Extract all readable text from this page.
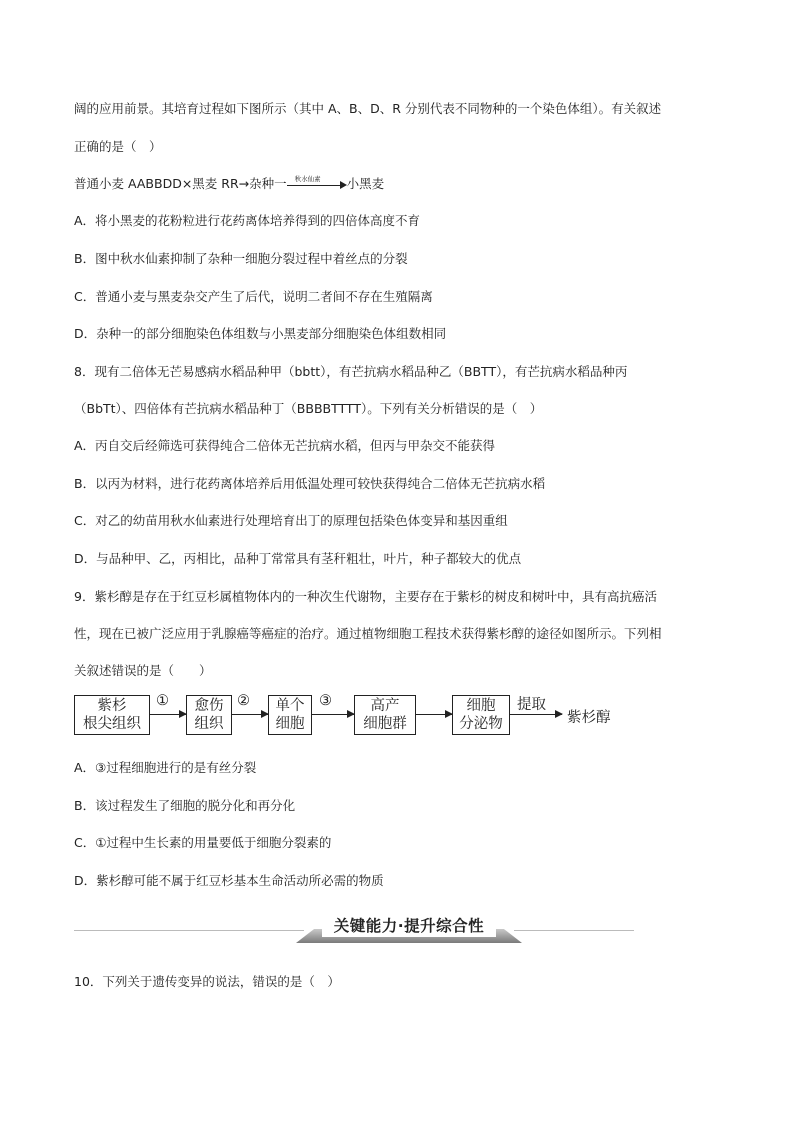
阔的应用前景。其培育过程如下图所示（其中 A、B、D、R 分别代表不同物种的一个染色体组）。有关叙述
正确的是（　）
普通小麦 AABBDD×黑麦 RR→杂种一 秋水仙素 小黑麦
A．将小黑麦的花粉粒进行花药离体培养得到的四倍体高度不育
B．图中秋水仙素抑制了杂种一细胞分裂过程中着丝点的分裂
C．普通小麦与黑麦杂交产生了后代，说明二者间不存在生殖隔离
D．杂种一的部分细胞染色体组数与小黑麦部分细胞染色体组数相同
8．现有二倍体无芒易感病水稻品种甲（bbtt），有芒抗病水稻品种乙（BBTT），有芒抗病水稻品种丙
（BbTt）、四倍体有芒抗病水稻品种丁（BBBBTTTT）。下列有关分析错误的是（　）
A．丙自交后经筛选可获得纯合二倍体无芒抗病水稻，但丙与甲杂交不能获得
B．以丙为材料，进行花药离体培养后用低温处理可较快获得纯合二倍体无芒抗病水稻
C．对乙的幼苗用秋水仙素进行处理培育出丁的原理包括染色体变异和基因重组
D．与品种甲、乙，丙相比，品种丁常常具有茎秆粗壮，叶片，种子都较大的优点
9．紫杉醇是存在于红豆杉属植物体内的一种次生代谢物，主要存在于紫杉的树皮和树叶中，具有高抗癌活
性，现在已被广泛应用于乳腺癌等癌症的治疗。通过植物细胞工程技术获得紫杉醇的途径如图所示。下列相
关叙述错误的是（　　）
紫杉
根尖组织
① 愈伤
组织
② 单个
细胞
③	高产
细胞群
细胞
分泌物
提取
紫杉醇
A．③过程细胞进行的是有丝分裂
B．该过程发生了细胞的脱分化和再分化
C．①过程中生长素的用量要低于细胞分裂素的
D．紫杉醇可能不属于红豆杉基本生命活动所必需的物质
关键能力·提升综合性
10．下列关于遗传变异的说法，错误的是（　）
